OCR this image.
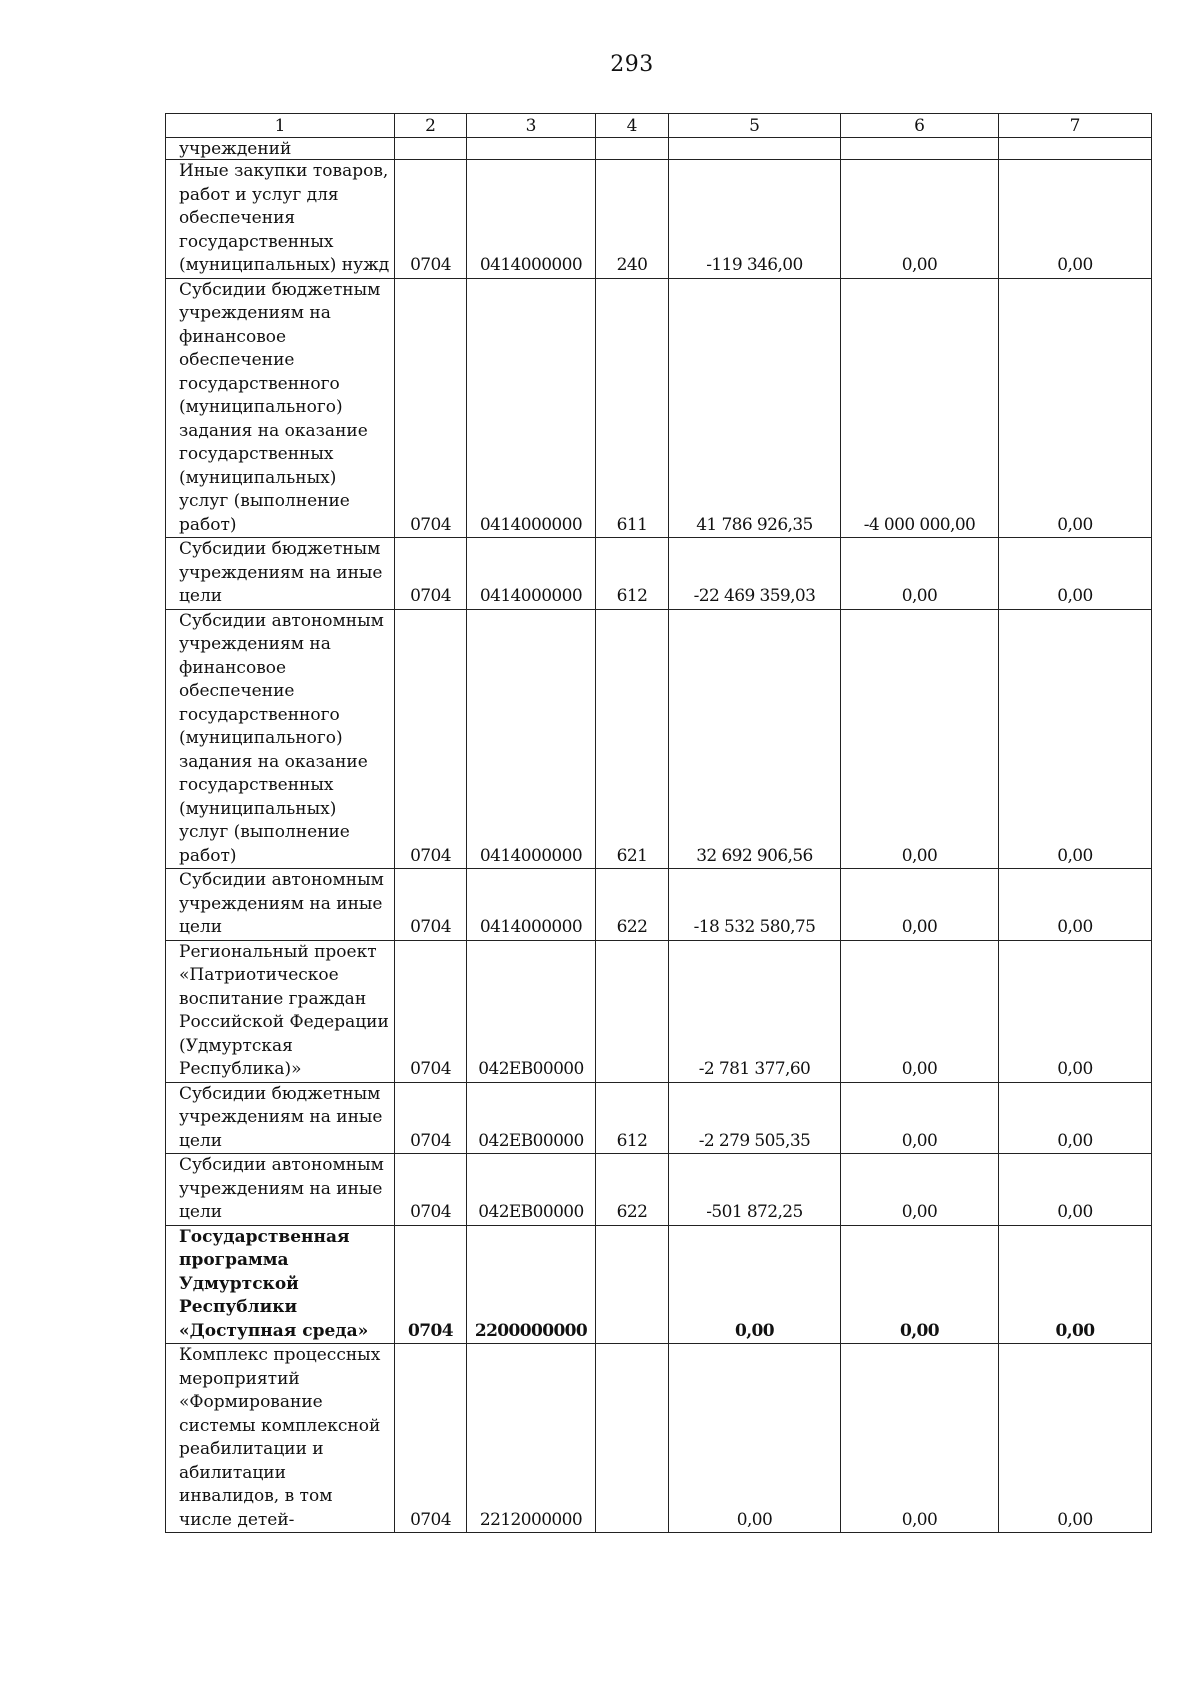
293
1	2	3	4	5	6	7
учреждений						
Иные закупки товаров, работ и услуг для обеспечения государственных (муниципальных) нужд	0704	0414000000	240	-119 346,00	0,00	0,00
Субсидии бюджетным учреждениям на финансовое обеспечение государственного (муниципального) задания на оказание государственных (муниципальных) услуг (выполнение работ)	0704	0414000000	611	41 786 926,35	-4 000 000,00	0,00
Субсидии бюджетным учреждениям на иные цели	0704	0414000000	612	-22 469 359,03	0,00	0,00
Субсидии автономным учреждениям на финансовое обеспечение государственного (муниципального) задания на оказание государственных (муниципальных) услуг (выполнение работ)	0704	0414000000	621	32 692 906,56	0,00	0,00
Субсидии автономным учреждениям на иные цели	0704	0414000000	622	-18 532 580,75	0,00	0,00
Региональный проект «Патриотическое воспитание граждан Российской Федерации (Удмуртская Республика)»	0704	042EB00000		-2 781 377,60	0,00	0,00
Субсидии бюджетным учреждениям на иные цели	0704	042EB00000	612	-2 279 505,35	0,00	0,00
Субсидии автономным учреждениям на иные цели	0704	042EB00000	622	-501 872,25	0,00	0,00
Государственная программа Удмуртской Республики «Доступная среда»	0704	2200000000		0,00	0,00	0,00
Комплекс процессных мероприятий «Формирование системы комплексной реабилитации и абилитации инвалидов, в том числе детей-	0704	2212000000		0,00	0,00	0,00
